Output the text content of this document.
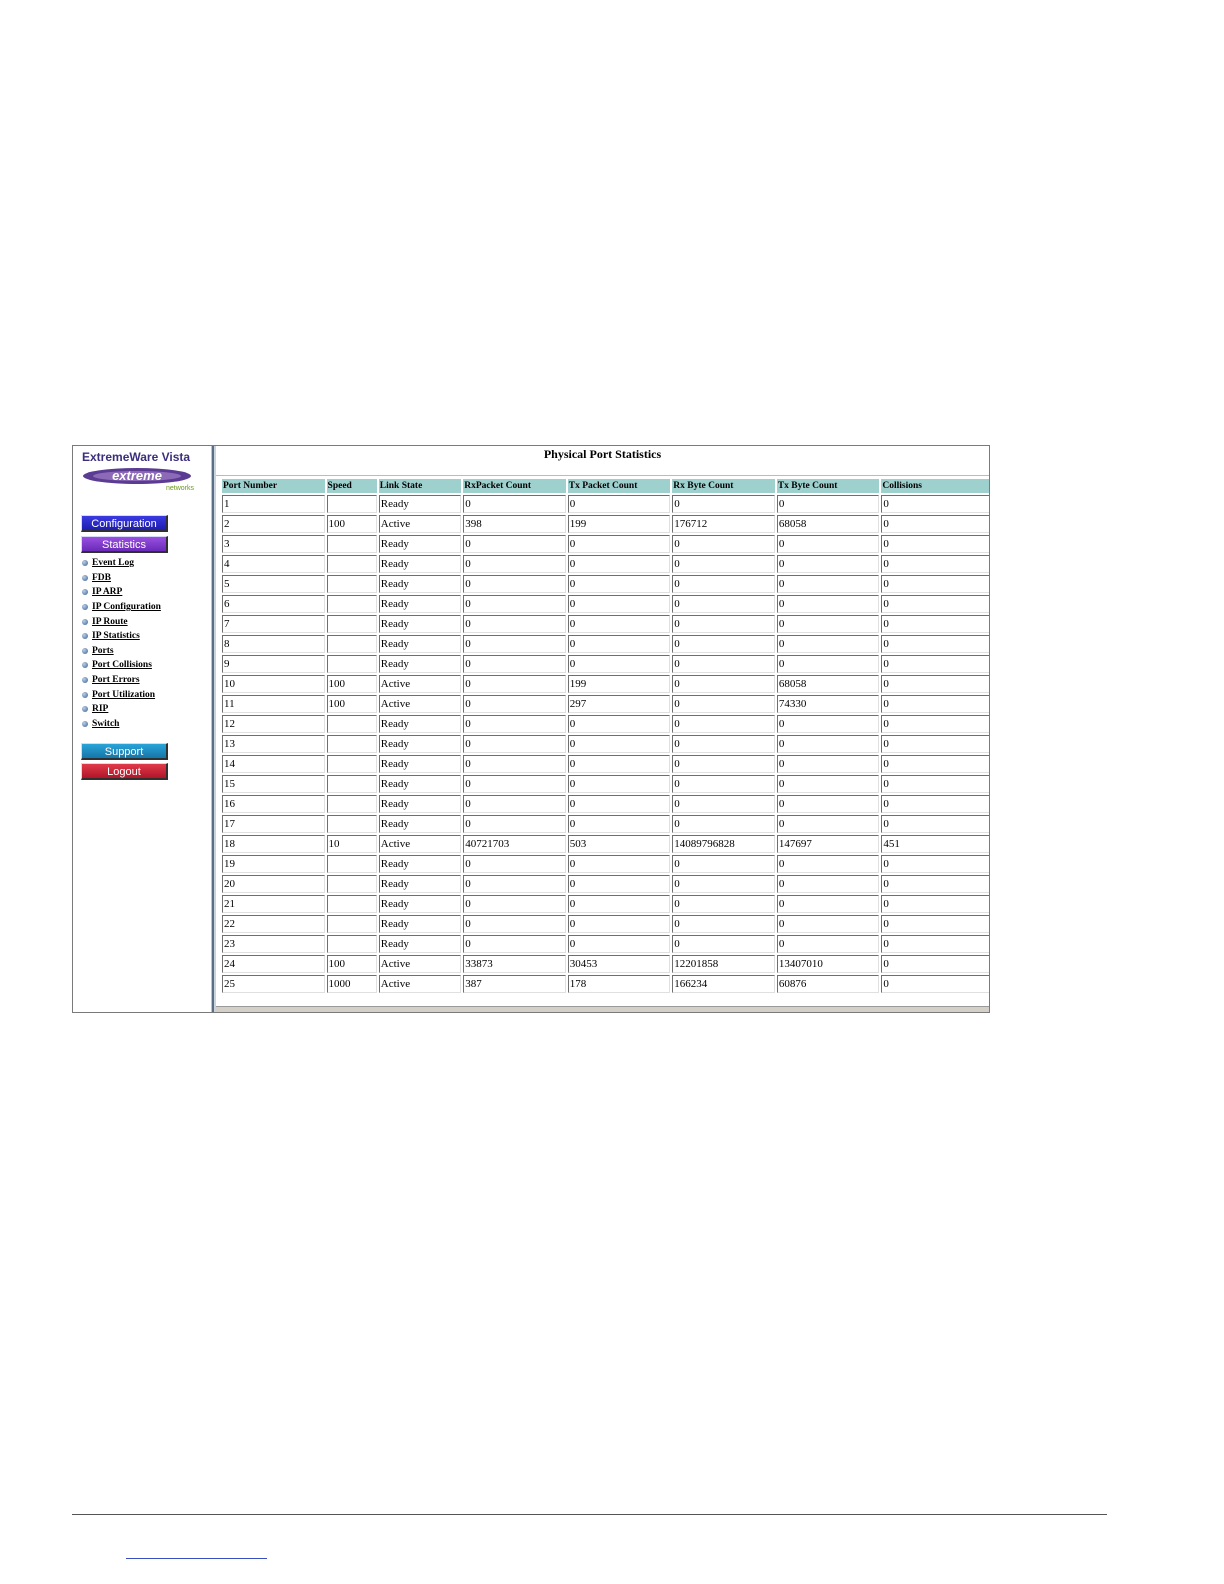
ExtremeWare Vista
extreme
networks
Configuration
Statistics
Event Log
FDB
IP ARP
IP Configuration
IP Route
IP Statistics
Ports
Port Collisions
Port Errors
Port Utilization
RIP
Switch
Support
Logout
Physical Port Statistics
Port Number	Speed	Link State	RxPacket Count	Tx Packet Count	Rx Byte Count	Tx Byte Count	Collisions
1		Ready	0	0	0	0	0
2	100	Active	398	199	176712	68058	0
3		Ready	0	0	0	0	0
4		Ready	0	0	0	0	0
5		Ready	0	0	0	0	0
6		Ready	0	0	0	0	0
7		Ready	0	0	0	0	0
8		Ready	0	0	0	0	0
9		Ready	0	0	0	0	0
10	100	Active	0	199	0	68058	0
11	100	Active	0	297	0	74330	0
12		Ready	0	0	0	0	0
13		Ready	0	0	0	0	0
14		Ready	0	0	0	0	0
15		Ready	0	0	0	0	0
16		Ready	0	0	0	0	0
17		Ready	0	0	0	0	0
18	10	Active	40721703	503	14089796828	147697	451
19		Ready	0	0	0	0	0
20		Ready	0	0	0	0	0
21		Ready	0	0	0	0	0
22		Ready	0	0	0	0	0
23		Ready	0	0	0	0	0
24	100	Active	33873	30453	12201858	13407010	0
25	1000	Active	387	178	166234	60876	0
